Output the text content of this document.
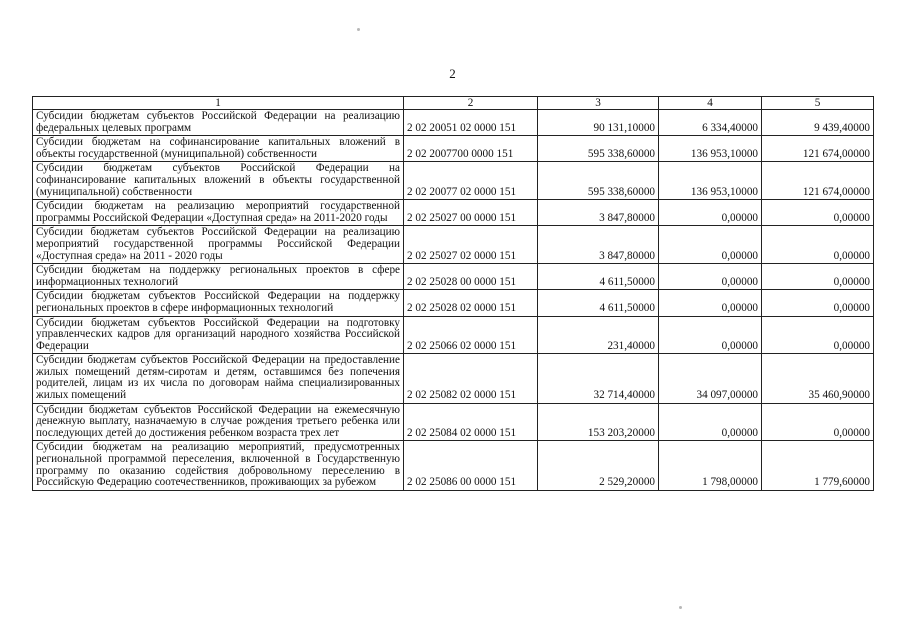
2
1	2	3	4	5
Субсидии бюджетам субъектов Российской Федерации на реализацию федеральных целевых программ	2 02 20051 02 0000 151	90 131,10000	6 334,40000	9 439,40000
Субсидии бюджетам на софинансирование капитальных вложений в объекты государственной (муниципальной) собственности	2 02 2007700 0000 151	595 338,60000	136 953,10000	121 674,00000
Субсидии бюджетам субъектов Российской Федерации на софинансирование капитальных вложений в объекты государственной (муниципальной) собственности	2 02 20077 02 0000 151	595 338,60000	136 953,10000	121 674,00000
Субсидии бюджетам на реализацию мероприятий государственной программы Российской Федерации «Доступная среда» на 2011-2020 годы	2 02 25027 00 0000 151	3 847,80000	0,00000	0,00000
Субсидии бюджетам субъектов Российской Федерации на реализацию мероприятий государственной программы Российской Федерации «Доступная среда» на 2011 - 2020 годы	2 02 25027 02 0000 151	3 847,80000	0,00000	0,00000
Субсидии бюджетам на поддержку региональных проектов в сфере информационных технологий	2 02 25028 00 0000 151	4 611,50000	0,00000	0,00000
Субсидии бюджетам субъектов Российской Федерации на поддержку региональных проектов в сфере информационных технологий	2 02 25028 02 0000 151	4 611,50000	0,00000	0,00000
Субсидии бюджетам субъектов Российской Федерации на подготовку управленческих кадров для организаций народного хозяйства Российской Федерации	2 02 25066 02 0000 151	231,40000	0,00000	0,00000
Субсидии бюджетам субъектов Российской Федерации на предоставление жилых помещений детям-сиротам и детям, оставшимся без попечения родителей, лицам из их числа по договорам найма специализированных жилых помещений	2 02 25082 02 0000 151	32 714,40000	34 097,00000	35 460,90000
Субсидии бюджетам субъектов Российской Федерации на ежемесячную денежную выплату, назначаемую в случае рождения третьего ребенка или последующих детей до достижения ребенком возраста трех лет	2 02 25084 02 0000 151	153 203,20000	0,00000	0,00000
Субсидии бюджетам на реализацию мероприятий, предусмотренных региональной программой переселения, включенной в Государственную программу по оказанию содействия добровольному переселению в Российскую Федерацию соотечественников, проживающих за рубежом	2 02 25086 00 0000 151	2 529,20000	1 798,00000	1 779,60000
